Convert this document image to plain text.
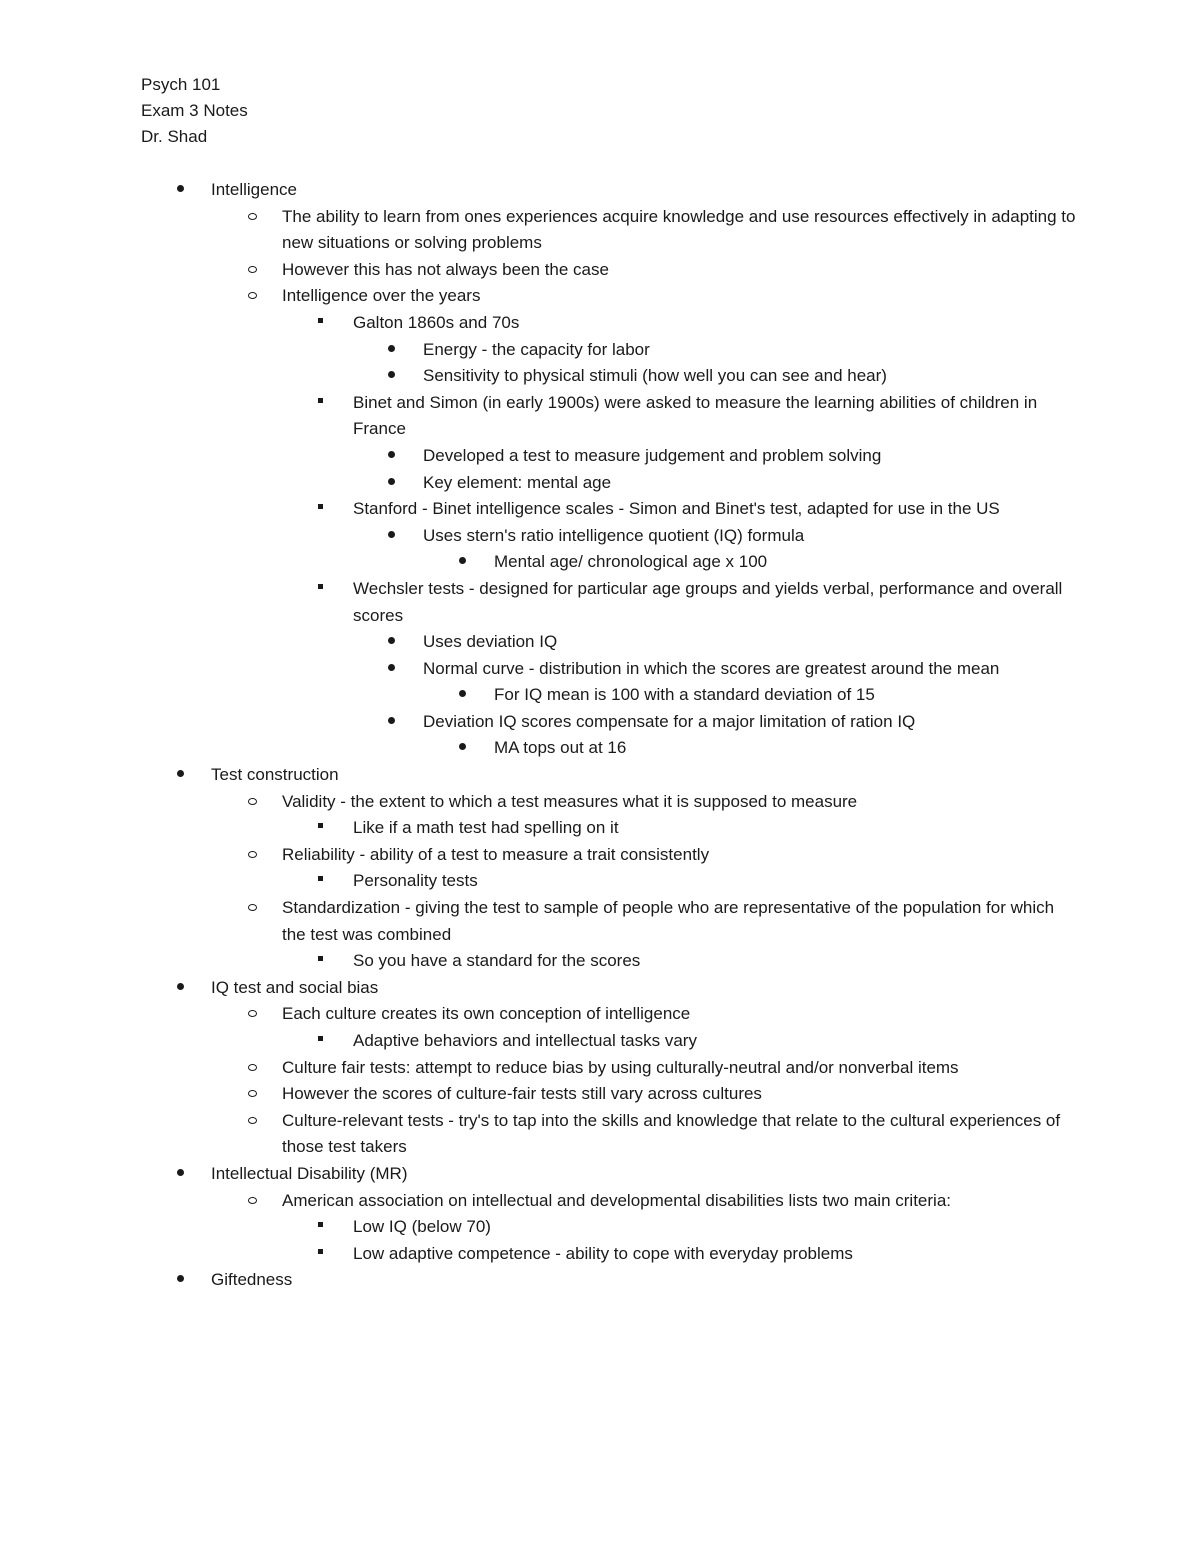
Psych 101
Exam 3 Notes
Dr. Shad
Intelligence
The ability to learn from ones experiences acquire knowledge and use resources effectively in adapting to new situations or solving problems
However this has not always been the case
Intelligence over the years
Galton 1860s and 70s
Energy - the capacity for labor
Sensitivity to physical stimuli (how well you can see and hear)
Binet and Simon (in early 1900s) were asked to measure the learning abilities of children in France
Developed a test to measure judgement and problem solving
Key element: mental age
Stanford - Binet intelligence scales - Simon and Binet's test, adapted for use in the US
Uses stern's ratio intelligence quotient (IQ) formula
Mental age/ chronological age x 100
Wechsler tests - designed for particular age groups and yields verbal, performance and overall scores
Uses deviation IQ
Normal curve - distribution in which the scores are greatest around the mean
For IQ mean is 100 with a standard deviation of 15
Deviation IQ scores compensate for a major limitation of ration IQ
MA tops out at 16
Test construction
Validity - the extent to which a test measures what it is supposed to measure
Like if a math test had spelling on it
Reliability - ability of a test to measure a trait consistently
Personality tests
Standardization - giving the test to sample of people who are representative of the population for which the test was combined
So you have a standard for the scores
IQ test and social bias
Each culture creates its own conception of intelligence
Adaptive behaviors and intellectual tasks vary
Culture fair tests: attempt to reduce bias by using culturally-neutral and/or nonverbal items
However the scores of culture-fair tests still vary across cultures
Culture-relevant tests - try's to tap into the skills and knowledge that relate to the cultural experiences of those test takers
Intellectual Disability (MR)
American association on intellectual and developmental disabilities lists two main criteria:
Low IQ (below 70)
Low adaptive competence - ability to cope with everyday problems
Giftedness
